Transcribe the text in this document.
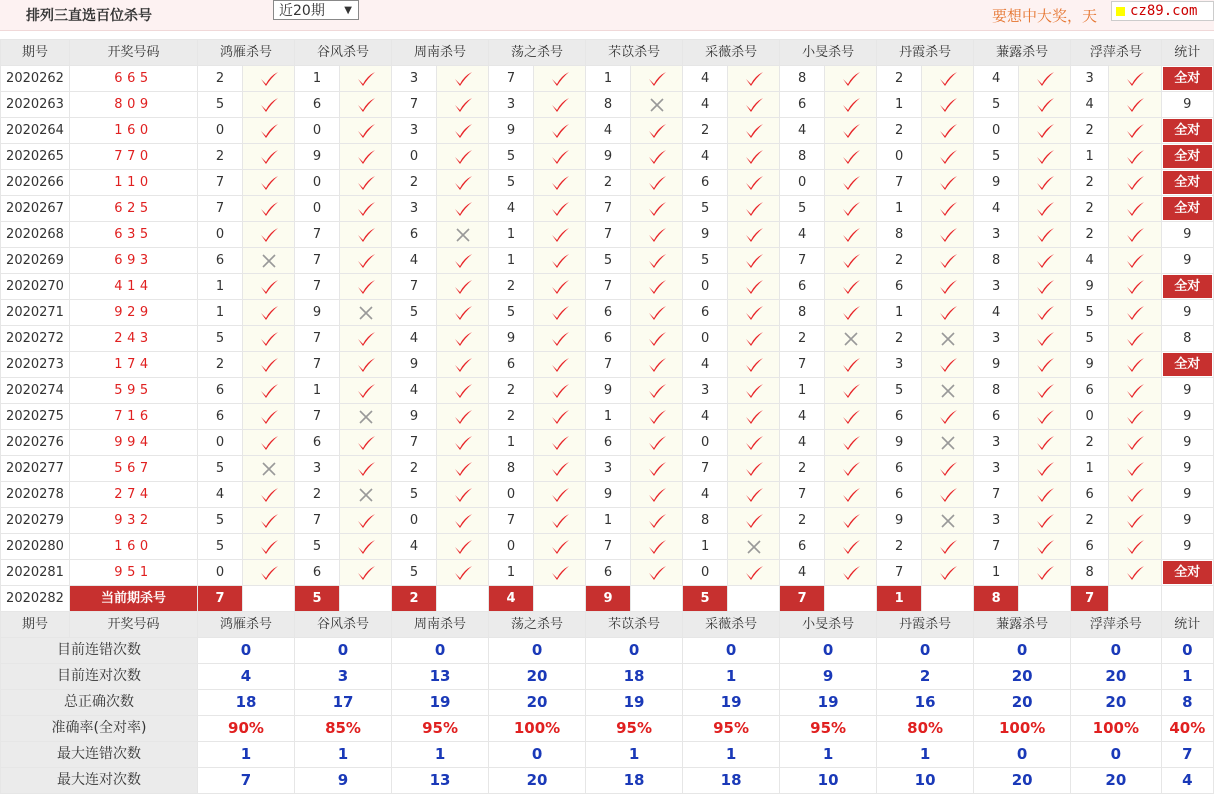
排列三直选百位杀号	近20期 ▼	要想中大奖，天	cz89.com
期号	开奖号码	鸿雁杀号		谷风杀号		周南杀号		荡之杀号		芣苡杀号		采薇杀号		小旻杀号		丹霞杀号		蒹露杀号		浮萍杀号		统计
2020262	665	2		1		3		7		1		4		8		2		4		3		全对

2020263	809	5		6		7		3		8		4		6		1		5		4		9
2020264	160	0		0		3		9		4		2		4		2		0		2		全对

2020265	770	2		9		0		5		9		4		8		0		5		1		全对

2020266	110	7		0		2		5		2		6		0		7		9		2		全对

2020267	625	7		0		3		4		7		5		5		1		4		2		全对

2020268	635	0		7		6		1		7		9		4		8		3		2		9
2020269	693	6		7		4		1		5		5		7		2		8		4		9
2020270	414	1		7		7		2		7		0		6		6		3		9		全对

2020271	929	1		9		5		5		6		6		8		1		4		5		9
2020272	243	5		7		4		9		6		0		2		2		3		5		8
2020273	174	2		7		9		6		7		4		7		3		9		9		全对

2020274	595	6		1		4		2		9		3		1		5		8		6		9
2020275	716	6		7		9		2		1		4		4		6		6		0		9
2020276	994	0		6		7		1		6		0		4		9		3		2		9
2020277	567	5		3		2		8		3		7		2		6		3		1		9
2020278	274	4		2		5		0		9		4		7		6		7		6		9
2020279	932	5		7		0		7		1		8		2		9		3		2		9
2020280	160	5		5		4		0		7		1		6		2		7		6		9
2020281	951	0		6		5		1		6		0		4		7		1		8		全对

2020282	当前期杀号	7		5		2		4		9		5		7		1		8		7		
期号	开奖号码	鸿雁杀号		谷风杀号		周南杀号		荡之杀号		芣苡杀号		采薇杀号		小旻杀号		丹霞杀号		蒹露杀号		浮萍杀号		统计
目前连错次数		0		0		0		0		0		0		0		0		0		0		0
目前连对次数		4		3		13		20		18		1		9		2		20		20		1
总正确次数		18		17		19		20		19		19		19		16		20		20		8
准确率(全对率)		90%		85%		95%		100%		95%		95%		95%		80%		100%		100%		40%
最大连错次数		1		1		1		0		1		1		1		1		0		0		7
最大连对次数		7		9		13		20		18		18		10		10		20		20		4
